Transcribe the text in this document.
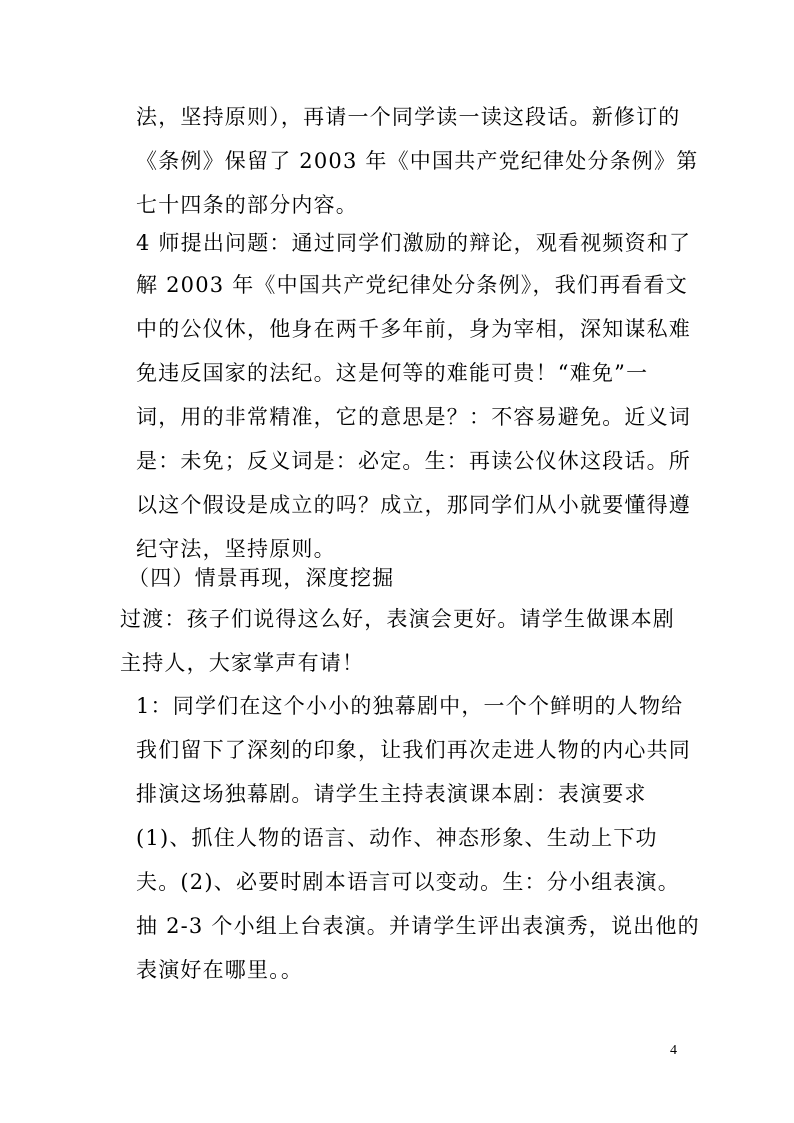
法，坚持原则），再请一个同学读一读这段话。新修订的
《条例》保留了 2003 年《中国共产党纪律处分条例》第
七十四条的部分内容。
4 师提出问题：通过同学们激励的辩论，观看视频资和了
解 2003 年《中国共产党纪律处分条例》，我们再看看文
中的公仪休，他身在两千多年前，身为宰相，深知谋私难
免违反国家的法纪。这是何等的难能可贵！“难免”一
词，用的非常精准，它的意思是？：不容易避免。近义词
是：未免；反义词是：必定。生：再读公仪休这段话。所
以这个假设是成立的吗？成立，那同学们从小就要懂得遵
纪守法，坚持原则。
（四）情景再现，深度挖掘
过渡：孩子们说得这么好，表演会更好。请学生做课本剧
主持人，大家掌声有请！
1：同学们在这个小小的独幕剧中，一个个鲜明的人物给
我们留下了深刻的印象，让我们再次走进人物的内心共同
排演这场独幕剧。请学生主持表演课本剧：表演要求
(1)、抓住人物的语言、动作、神态形象、生动上下功
夫。(2)、必要时剧本语言可以变动。生：分小组表演。
抽 2-3 个小组上台表演。并请学生评出表演秀，说出他的
表演好在哪里。。
4
